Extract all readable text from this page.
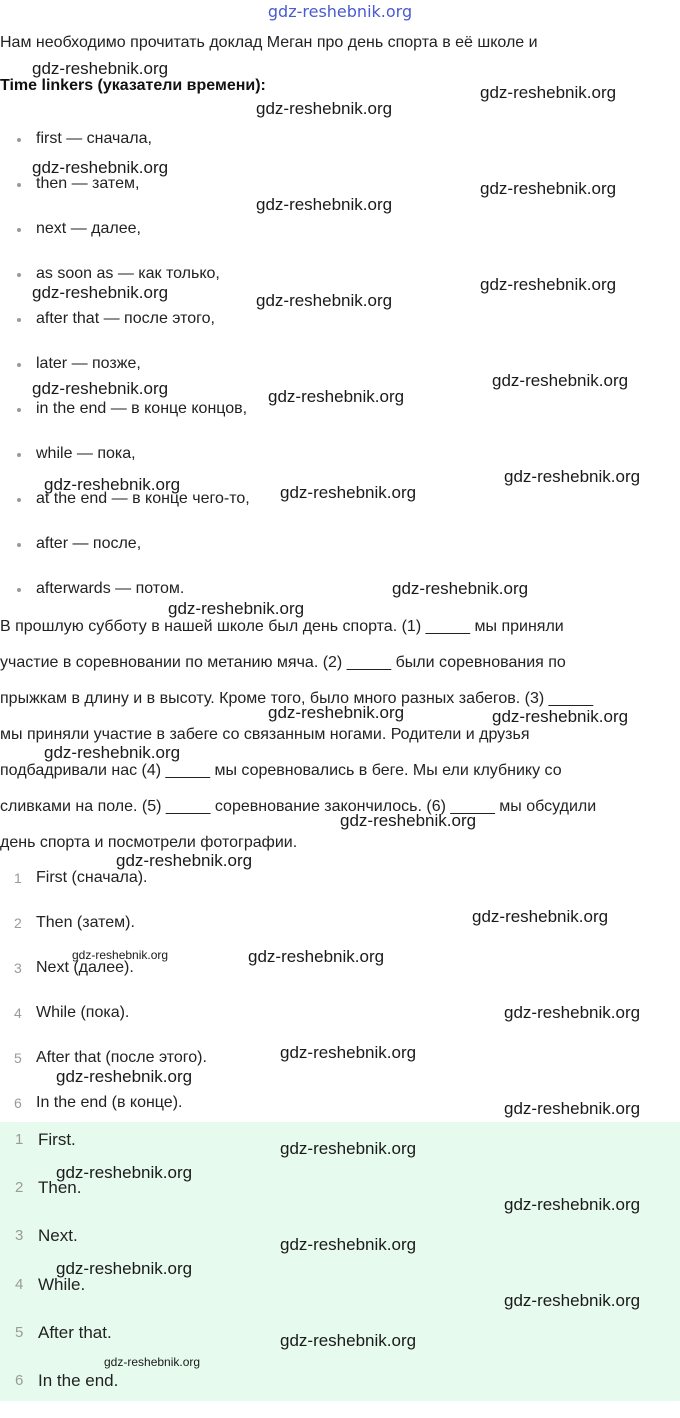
gdz-reshebnik.org
Нам необходимо прочитать доклад Меган про день спорта в её школе и
Time linkers (указатели времени):
first — сначала,
then — затем,
next — далее,
as soon as — как только,
after that — после этого,
later — позже,
in the end — в конце концов,
while — пока,
at the end — в конце чего-то,
after — после,
afterwards — потом.
В прошлую субботу в нашей школе был день спорта. (1) _____ мы приняли
участие в соревновании по метанию мяча. (2) _____ были соревнования по
прыжкам в длину и в высоту. Кроме того, было много разных забегов. (3) _____
мы приняли участие в забеге со связанным ногами. Родители и друзья
подбадривали нас (4) _____ мы соревновались в беге. Мы ели клубнику со
сливками на поле. (5) _____ соревнование закончилось. (6) _____ мы обсудили
день спорта и посмотрели фотографии.
1 First (сначала).
2 Then (затем).
3 Next (далее).
4 While (пока).
5 After that (после этого).
6 In the end (в конце).
1 First.
2 Then.
3 Next.
4 While.
5 After that.
6 In the end.
gdz-reshebnik.org
gdz-reshebnik.org
gdz-reshebnik.org
gdz-reshebnik.org
gdz-reshebnik.org
gdz-reshebnik.org
gdz-reshebnik.org
gdz-reshebnik.org	gdz-reshebnik.org
gdz-reshebnik.org
gdz-reshebnik.org	gdz-reshebnik.org
gdz-reshebnik.org
gdz-reshebnik.org	gdz-reshebnik.org
gdz-reshebnik.org
gdz-reshebnik.org
gdz-reshebnik.org	gdz-reshebnik.org
gdz-reshebnik.org
gdz-reshebnik.org
gdz-reshebnik.org
gdz-reshebnik.org
gdz-reshebnik.org	gdz-reshebnik.org
gdz-reshebnik.org
gdz-reshebnik.org
gdz-reshebnik.org
gdz-reshebnik.org
gdz-reshebnik.org
gdz-reshebnik.org
gdz-reshebnik.org
gdz-reshebnik.org
gdz-reshebnik.org
gdz-reshebnik.org
gdz-reshebnik.org
gdz-reshebnik.org
